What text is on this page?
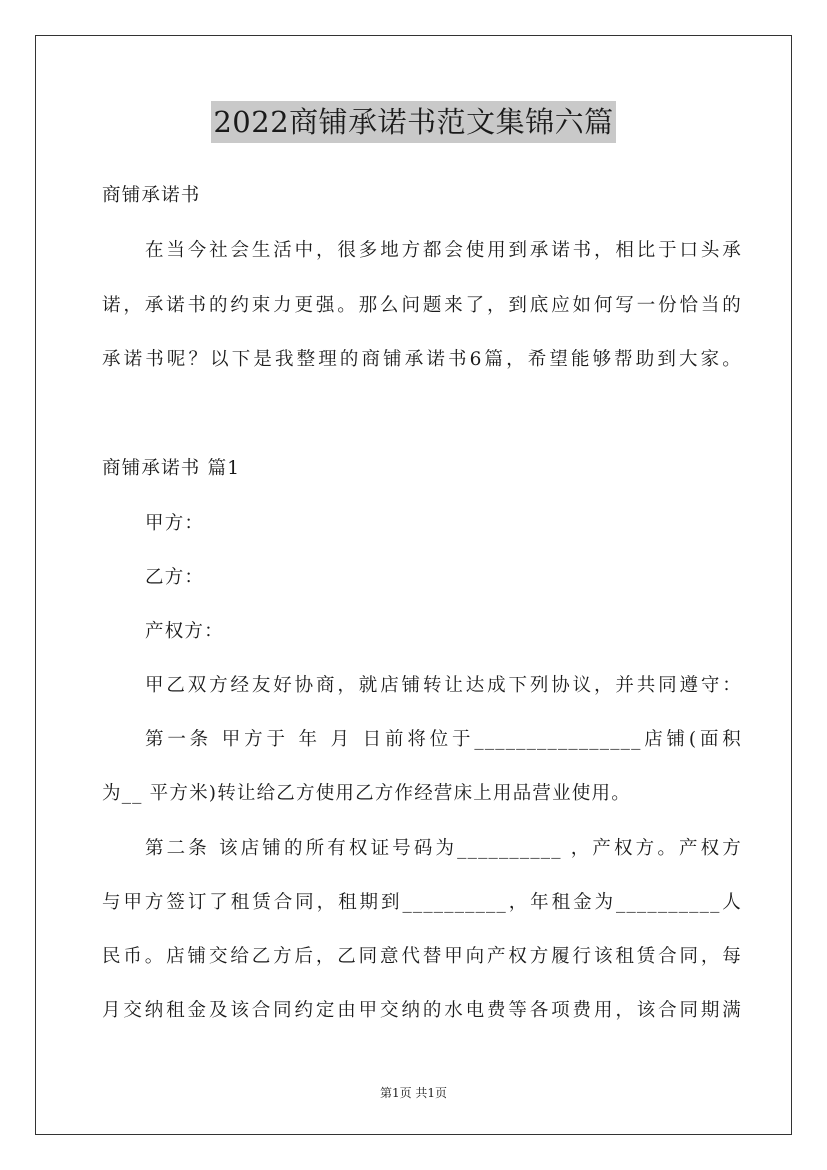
2022商铺承诺书范文集锦六篇
商铺承诺书
在当今社会生活中，很多地方都会使用到承诺书，相比于口头承
诺，承诺书的约束力更强。那么问题来了，到底应如何写一份恰当的
承诺书呢？以下是我整理的商铺承诺书6篇，希望能够帮助到大家。
商铺承诺书 篇1
甲方：
乙方：
产权方：
甲乙双方经友好协商，就店铺转让达成下列协议，并共同遵守：
第一条 甲方于 年 月 日前将位于________________店铺(面积
为__ 平方米)转让给乙方使用乙方作经营床上用品营业使用。
第二条 该店铺的所有权证号码为__________ ，产权方。产权方
与甲方签订了租赁合同，租期到__________，年租金为__________人
民币。店铺交给乙方后，乙同意代替甲向产权方履行该租赁合同，每
月交纳租金及该合同约定由甲交纳的水电费等各项费用，该合同期满
第1页 共1页
